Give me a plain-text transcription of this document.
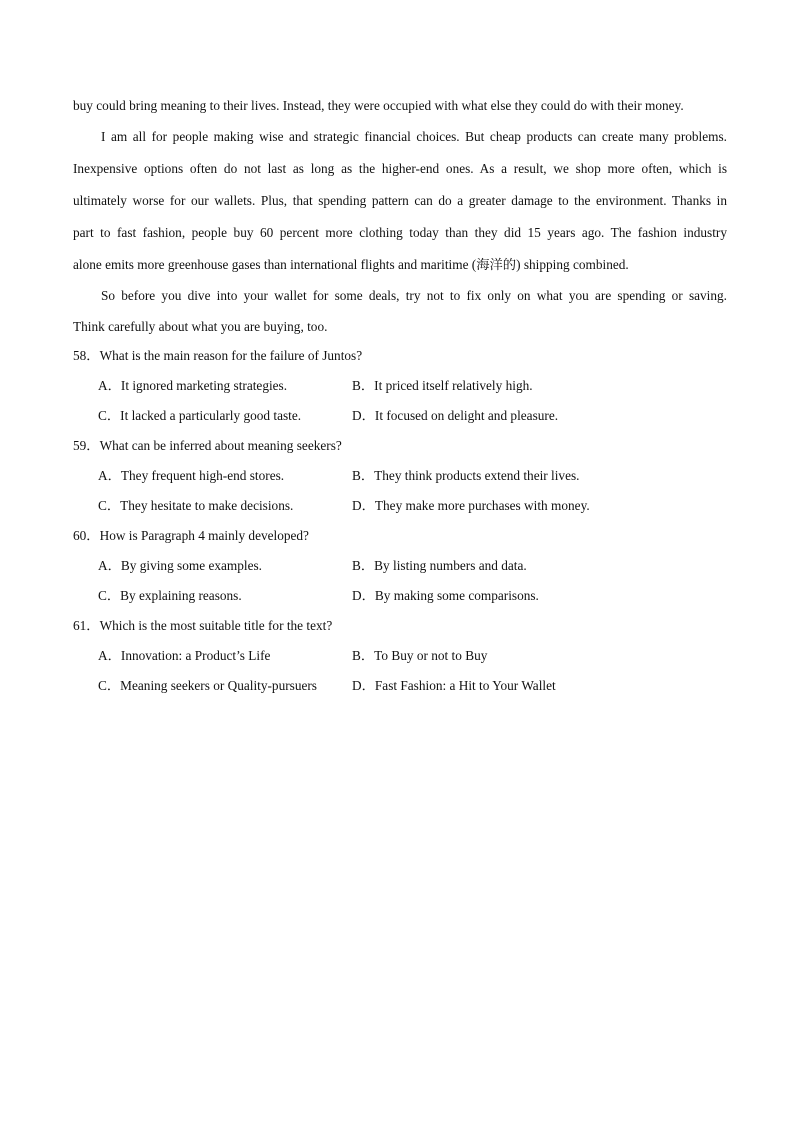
buy could bring meaning to their lives. Instead, they were occupied with what else they could do with their money.
I am all for people making wise and strategic financial choices. But cheap products can create many problems.
Inexpensive options often do not last as long as the higher-end ones. As a result, we shop more often, which is
ultimately worse for our wallets. Plus, that spending pattern can do a greater damage to the environment. Thanks in
part to fast fashion, people buy 60 percent more clothing today than they did 15 years ago. The fashion industry
alone emits more greenhouse gases than international flights and maritime (海洋的) shipping combined.
So before you dive into your wallet for some deals, try not to fix only on what you are spending or saving.
Think carefully about what you are buying, too.
58．What is the main reason for the failure of Juntos?
A．It ignored marketing strategies.	B．It priced itself relatively high.
C．It lacked a particularly good taste.	D．It focused on delight and pleasure.
59．What can be inferred about meaning seekers?
A．They frequent high-end stores.	B．They think products extend their lives.
C．They hesitate to make decisions.	D．They make more purchases with money.
60．How is Paragraph 4 mainly developed?
A．By giving some examples.	B．By listing numbers and data.
C．By explaining reasons.	D．By making some comparisons.
61．Which is the most suitable title for the text?
A．Innovation: a Product’s Life	B．To Buy or not to Buy
C．Meaning seekers or Quality-pursuers	D．Fast Fashion: a Hit to Your Wallet
